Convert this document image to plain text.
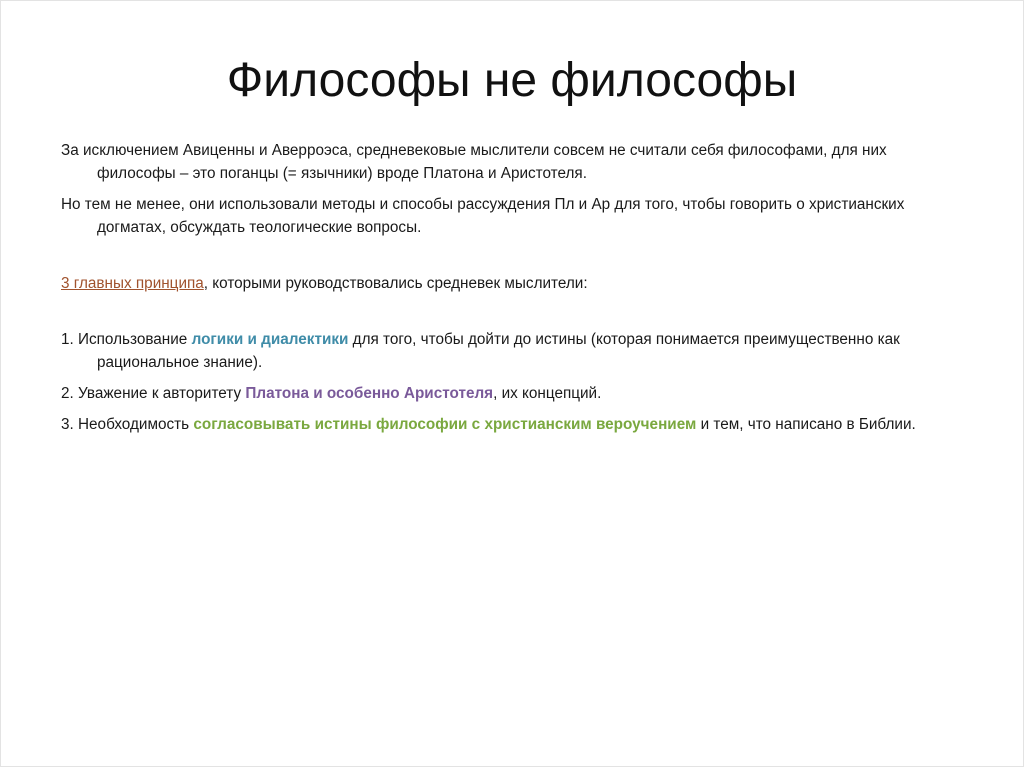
Философы не философы

За исключением Авиценны и Аверроэса, средневековые мыслители совсем не считали себя философами, для них философы – это поганцы (= язычники) вроде Платона и Аристотеля.

Но тем не менее, они использовали методы и способы рассуждения Пл и Ар для того, чтобы говорить о христианских догматах, обсуждать теологические вопросы.

3 главных принципа, которыми руководствовались средневек мыслители:

1. Использование логики и диалектики для того, чтобы дойти до истины (которая понимается преимущественно как рациональное знание).

2. Уважение к авторитету Платона и особенно Аристотеля, их концепций.

3. Необходимость согласовывать истины философии с христианским вероучением и тем, что написано в Библии.
